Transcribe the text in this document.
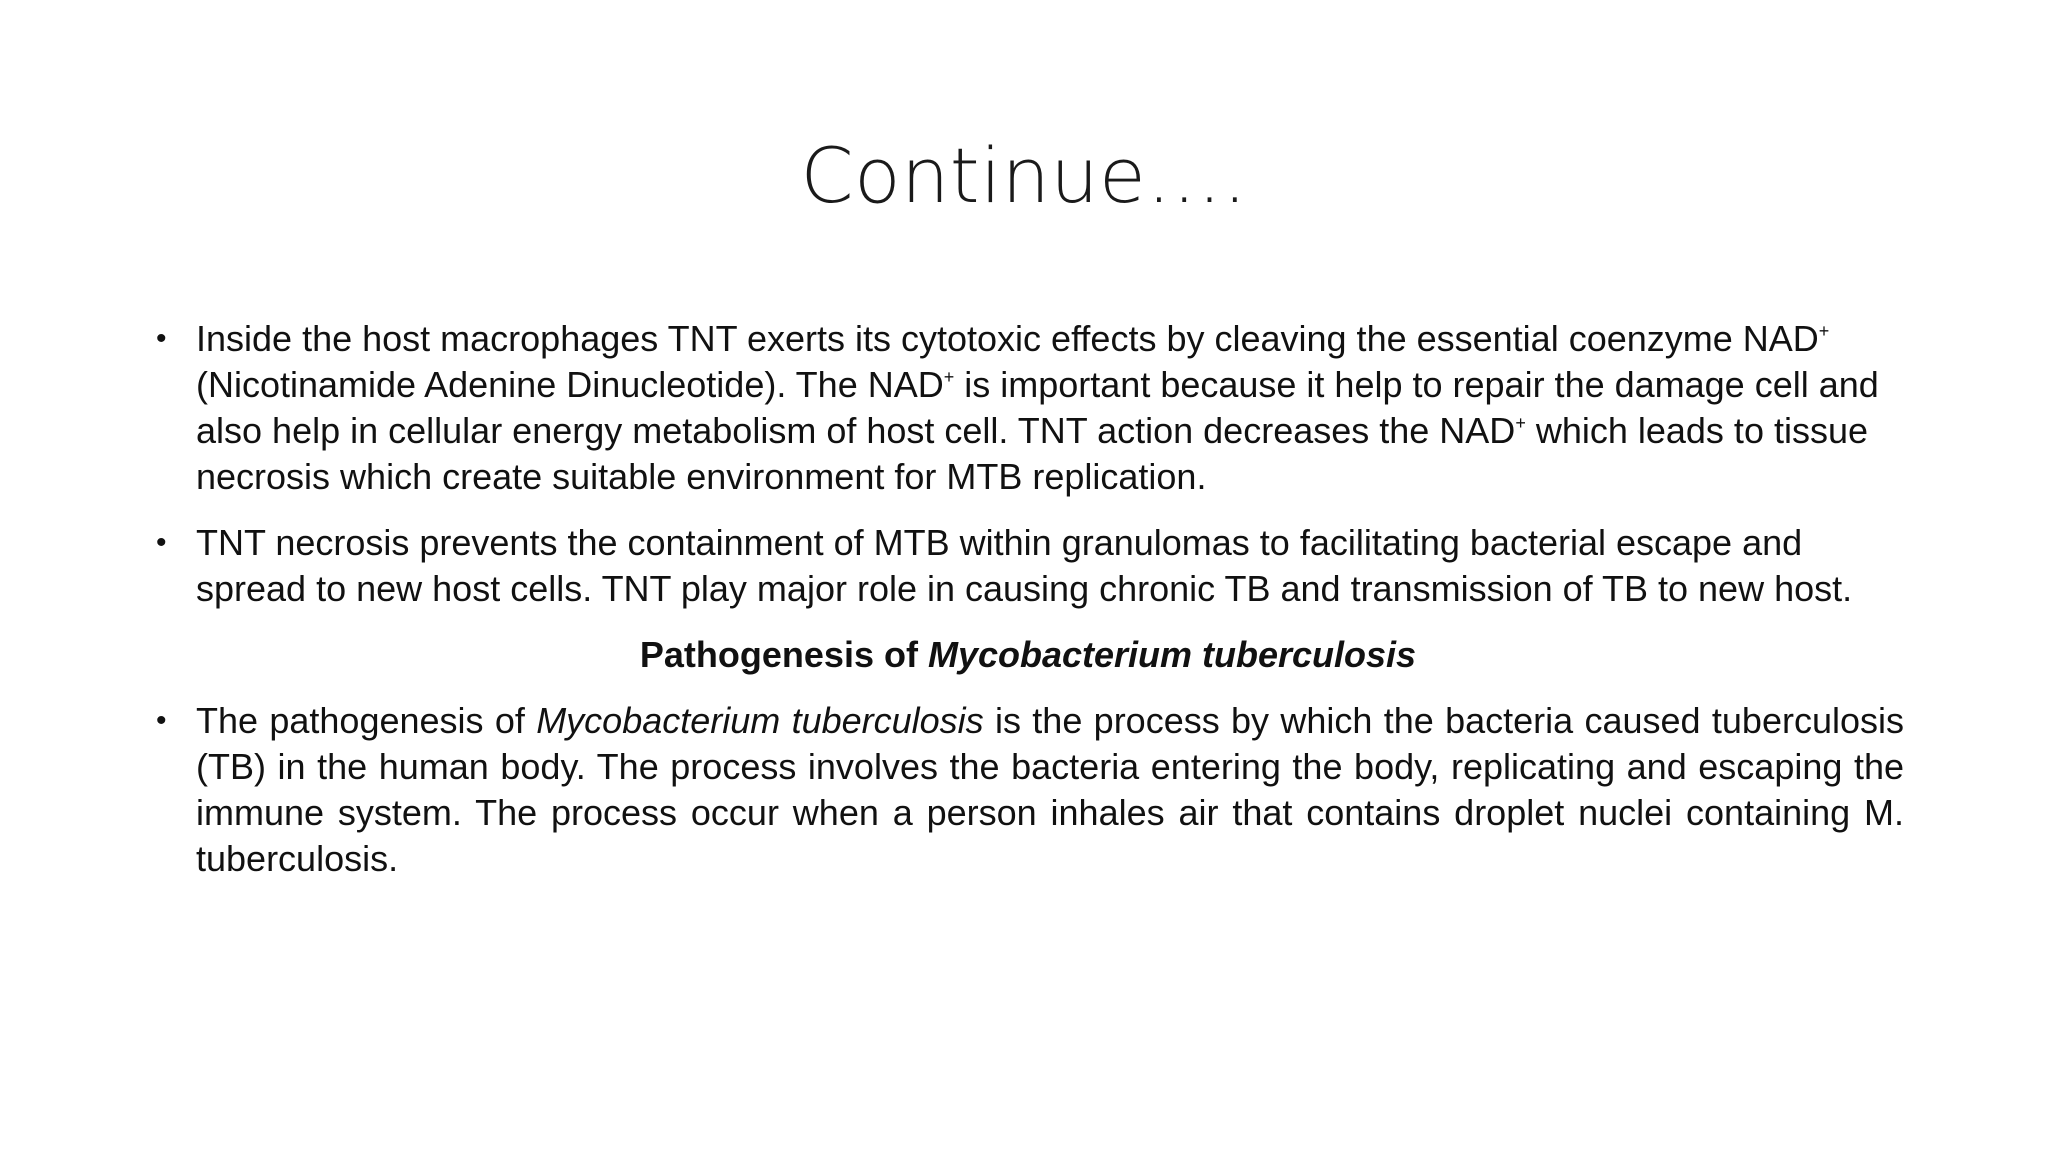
Continue….
• Inside the host macrophages TNT exerts its cytotoxic effects by cleaving the essential coenzyme NAD+ (Nicotinamide Adenine Dinucleotide). The NAD+ is important because it help to repair the damage cell and also help in cellular energy metabolism of host cell. TNT action decreases the NAD+ which leads to tissue necrosis which create suitable environment for MTB replication.
• TNT necrosis prevents the containment of MTB within granulomas to facilitating bacterial escape and spread to new host cells. TNT play major role in causing chronic TB and transmission of TB to new host.
Pathogenesis of Mycobacterium tuberculosis
• The pathogenesis of Mycobacterium tuberculosis is the process by which the bacteria caused tuberculosis (TB) in the human body. The process involves the bacteria entering the body, replicating and escaping the immune system. The process occur when a person inhales air that contains droplet nuclei containing M. tuberculosis.
